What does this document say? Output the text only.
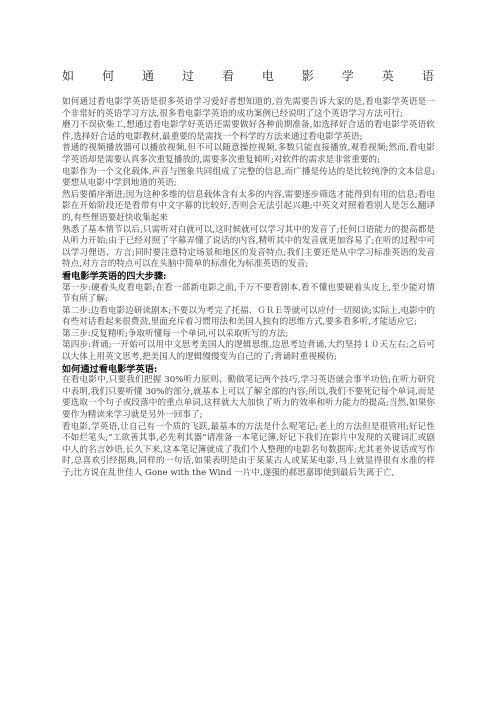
如 何 通 过 看 电 影 学 英 语

如何通过看电影学英语是很多英语学习爱好者想知道的,首先需要告诉大家的是,看电影学英语是一个非常好的英语学习方法,很多看电影学英语的成功案例已经说明了这个英语学习方法可行;

磨刀不误砍柴工,想通过看电影学好英语还需要做好各种前期准备,如选择好合适的看电影学英语软件,选择好合适的电影教材,最重要的是需找一个科学的方法来通过看电影学英语;

普通的视频播放器可以播放视频,但不可以随意操控视频,多数只能直接播放,观看视频;然而,看电影学英语却是需要认真多次重复播放的,需要多次重复倾听;对软件的需求是非常重要的;

电影作为一个文化载体,声音与图象共同组成了完整的信息,而广播是传达的是比较纯净的文本信息;要想从电影中学到地道的英语;

然后要循序渐进;因为这种多维的信息载体含有太多的内容,需要逐步筛选才能得到有用的信息;看电影在开始阶段还是看带有中文字幕的比较好,否则会无法引起兴趣;中英文对照着看别人是怎么翻译的,有些俚语要赶快收集起来

熟悉了基本情节以后,只需听对白就可以,这时候就可以学习其中的发音了;任何口语能力的提高都是从听力开始;由于已经对照了字幕弄懂了说话的内容,精听其中的发音就更加容易了;在听的过程中可以学习俚语、方言;同时要注意特定场景和地区的发音特点;我们主要还是从中学习标准英语的发音特点,对方言的特点可以在头脑中简单的标准化为标准英语的发音;

看电影学英语的四大步骤:

第一步:硬着头皮看电影;在看一部新电影之前,千万不要看剧本,看不懂也要硬着头皮上,至少能对情节有所了解;

第二步:边看电影边研读剧本;不要以为考完了托福、ＧＲＥ等就可以应付一切阅读;实际上,电影中的有些对话看起来很费劲,里面充斥着习惯用法和美国人独有的思维方式,要多看多听,才能适应它;

第三步:反复精听;争取听懂每一个单词,可以采取听写的方法;

第四步:背诵;一开始可以用中文思考美国人的逻辑思维,边思考边背诵,大约坚持１０天左右;之后可以大体上用英文思考,把美国人的逻辑慢慢变为自己的了;背诵时重视模仿;

如何通过看电影学英语:

在看电影中,只要我们把握 30%听力原则、勤做笔记两个技巧,学习英语就会事半功倍;在听力研究中表明,我们只要听懂 30%的部分,就基本上可以了解全部的内容;所以,我们不要死记每个单词,而是要选取一个句子或段落中的重点单词,这样就大大加快了听力的效率和听力能力的提高;当然,如果你要作为精读来学习就是另外一回事了;

看电影,学英语,让自己有一个质的飞跃,最基本的方法是什么呢笔记;老上的方法但是很管用;好记性不如烂笔头;“工欲善其事,必先利其器”请准备一本笔记簿,好记下我们在影片中发现的关键词汇或剧中人的名言妙语,长久下来,这本笔记簿就成了我们个人整理的电影名句数据库;尤其老外说话或写作时,总喜欢引经据典,同样的一句话,如果表明是由于某某古人或某某电影,马上就显得很有水准的样子;比方说在乱世佳人 Gone with the Wind 一片中,遂强的郝思嘉即使到最后失离于亡,
